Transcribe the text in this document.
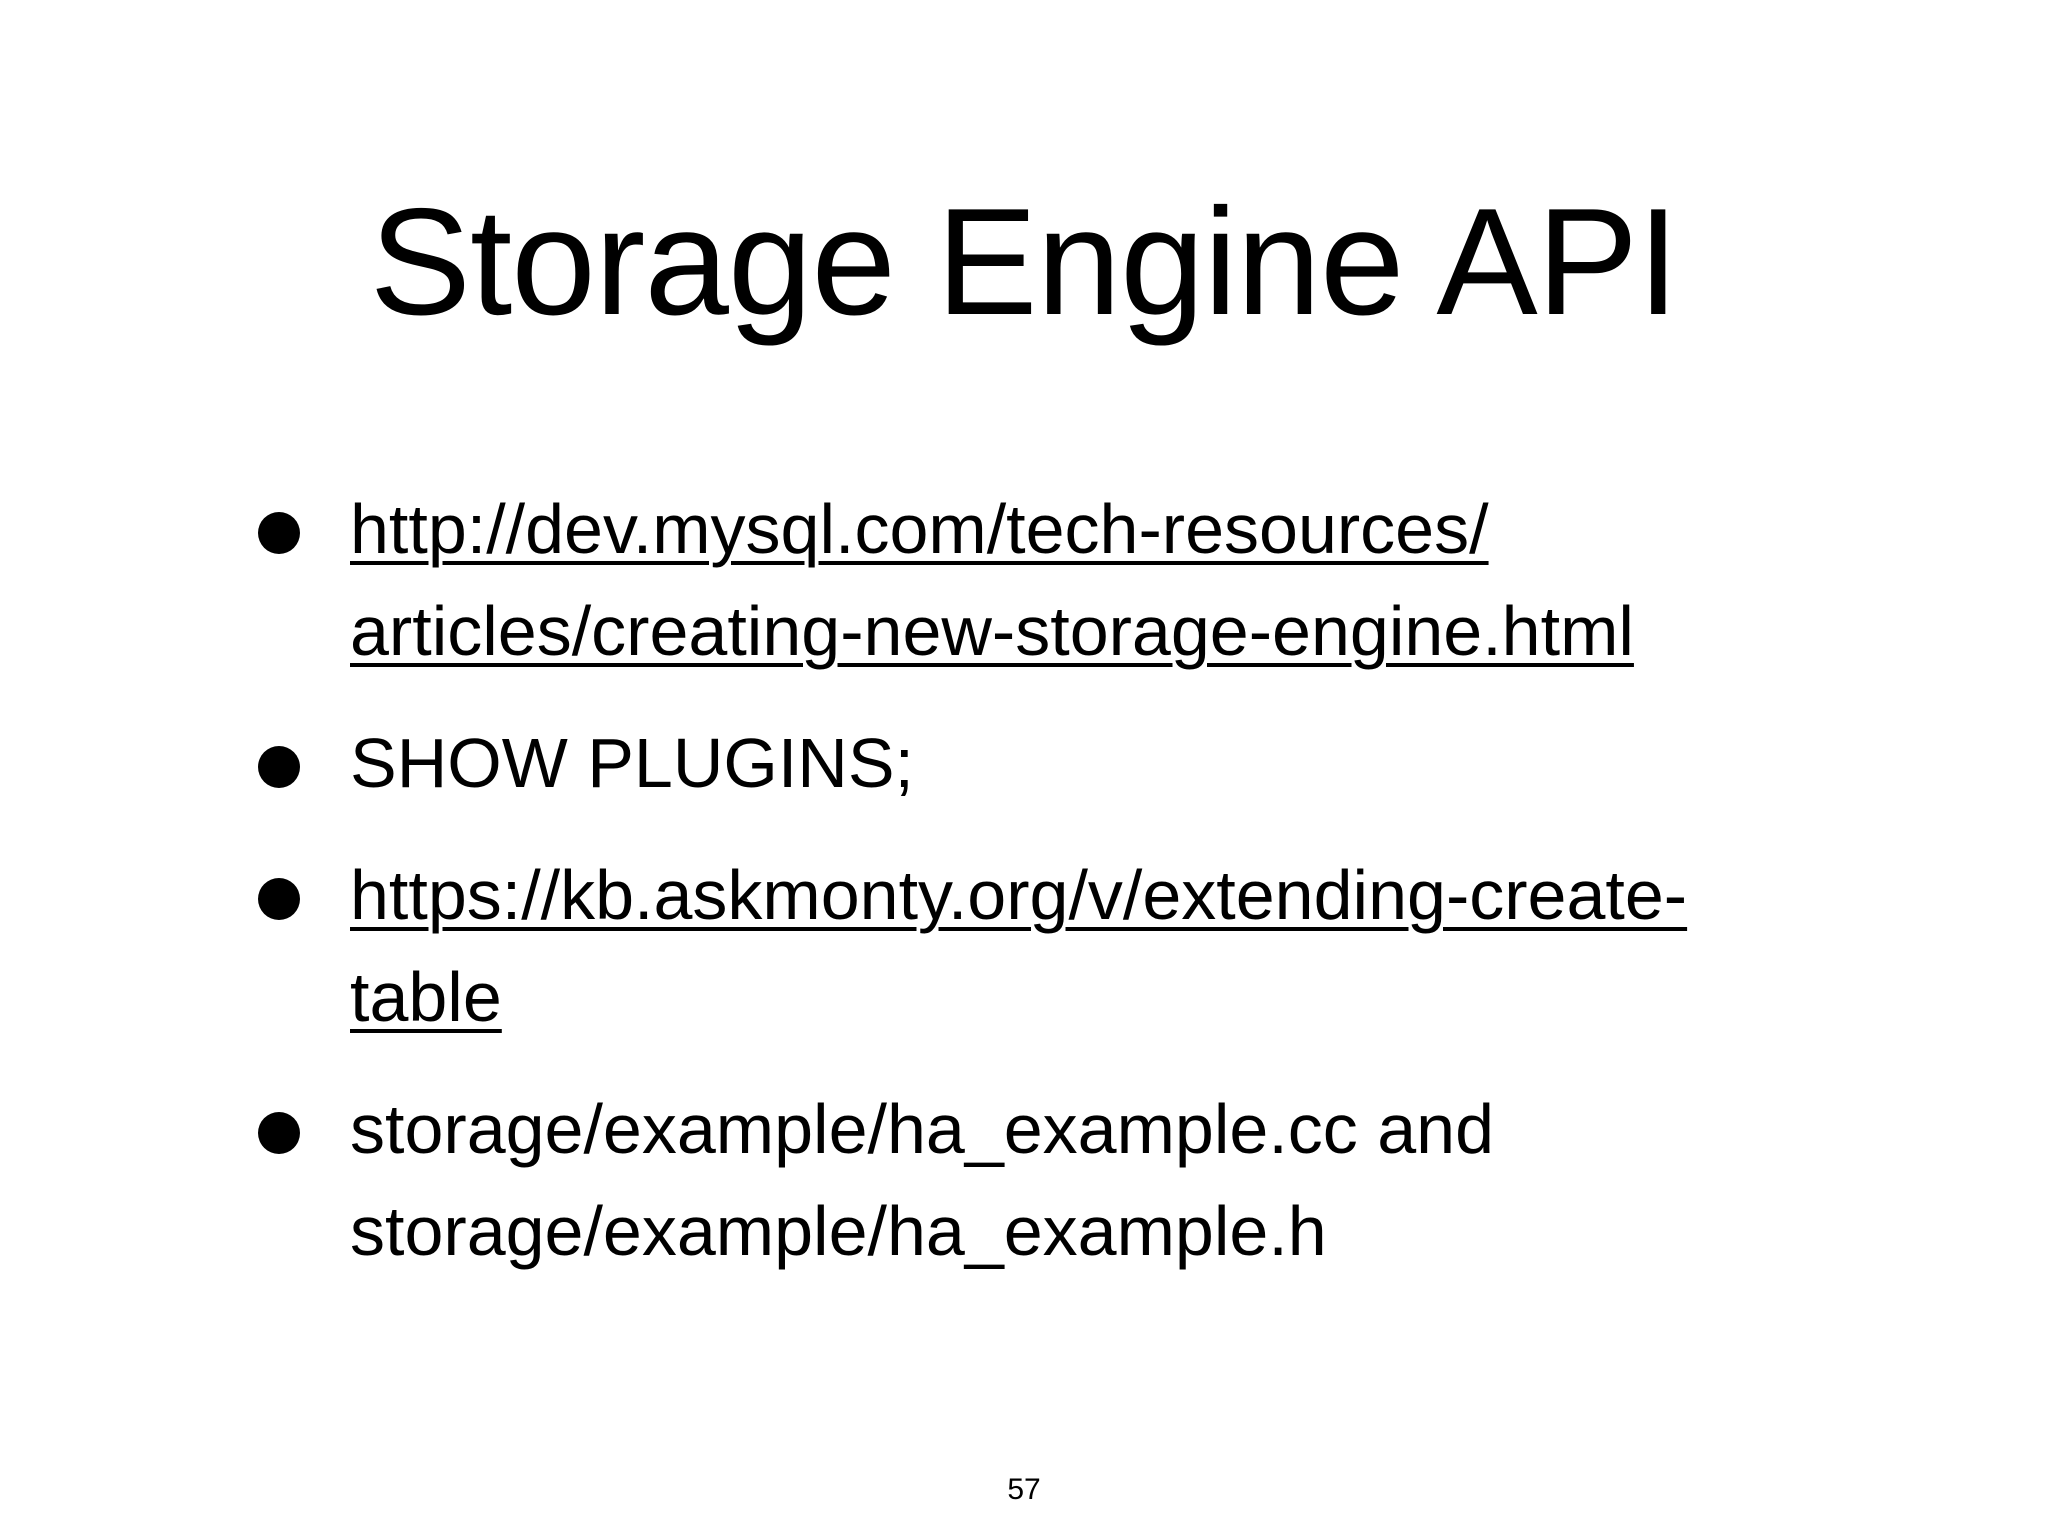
Storage Engine API
http://dev.mysql.com/tech-resources/
articles/creating-new-storage-engine.html
SHOW PLUGINS;
https://kb.askmonty.org/v/extending-create-
table
storage/example/ha_example.cc and
storage/example/ha_example.h
57
